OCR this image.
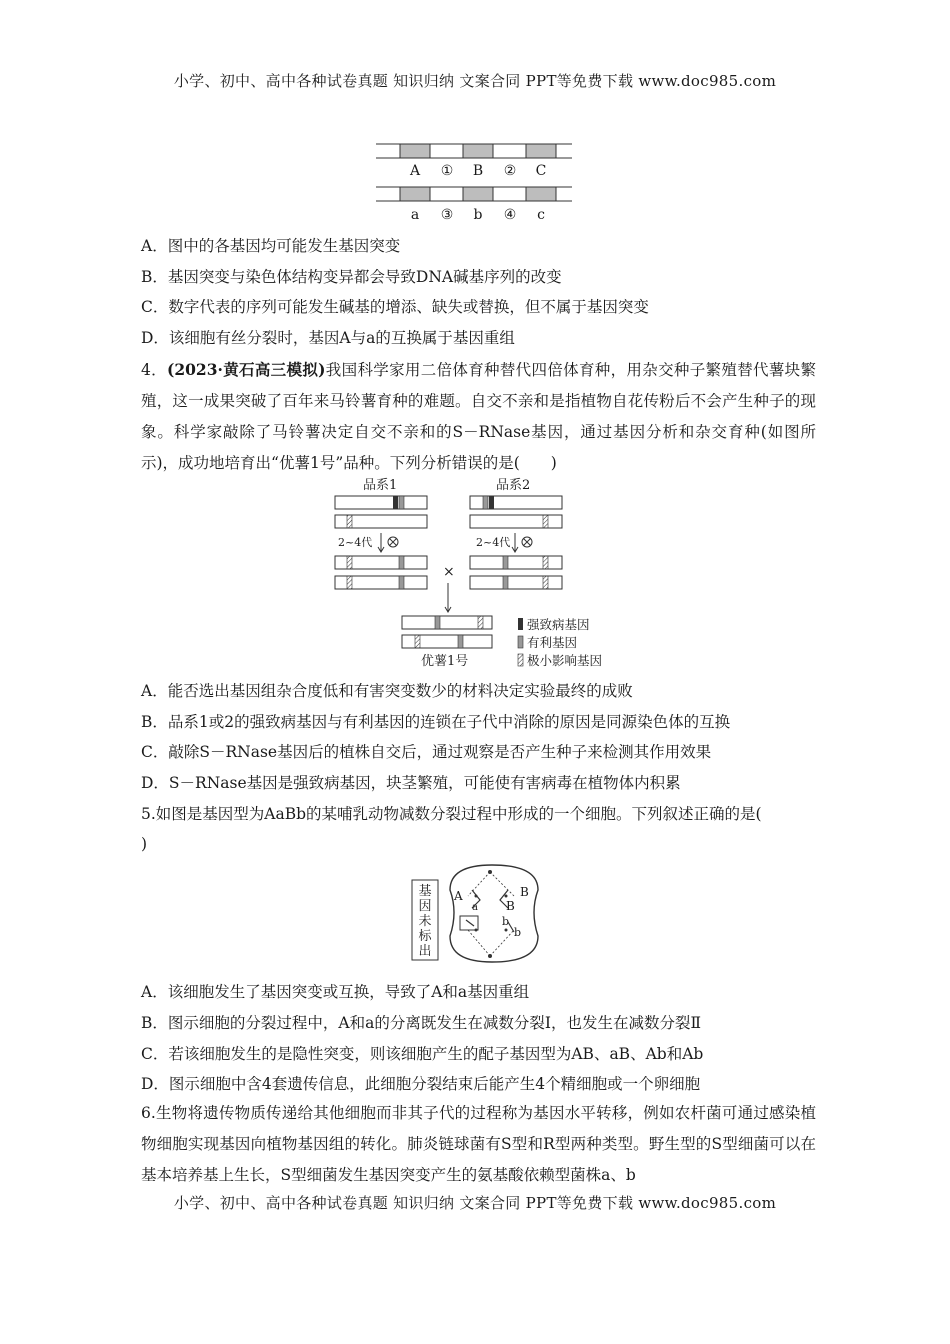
小学、初中、高中各种试卷真题 知识归纳 文案合同 PPT等免费下载 www.doc985.com
A ① B ② C
a ③ b ④ c
A．图中的各基因均可能发生基因突变
B．基因突变与染色体结构变异都会导致DNA碱基序列的改变
C．数字代表的序列可能发生碱基的增添、缺失或替换，但不属于基因突变
D．该细胞有丝分裂时，基因A与a的互换属于基因重组
4．(2023·黄石高三模拟)我国科学家用二倍体育种替代四倍体育种，用杂交种子繁殖替代薯块繁殖，这一成果突破了百年来马铃薯育种的难题。自交不亲和是指植物自花传粉后不会产生种子的现象。科学家敲除了马铃薯决定自交不亲和的S－RNase基因，通过基因分析和杂交育种(如图所示)，成功地培育出“优薯1号”品种。下列分析错误的是(　　)
品系1	品系2
2~4代	2~4代
×
优薯1号
强致病基因
有利基因
极小影响基因
A．能否选出基因组杂合度低和有害突变数少的材料决定实验最终的成败
B．品系1或2的强致病基因与有利基因的连锁在子代中消除的原因是同源染色体的互换
C．敲除S－RNase基因后的植株自交后，通过观察是否产生种子来检测其作用效果
D．S－RNase基因是强致病基因，块茎繁殖，可能使有害病毒在植物体内积累
5.如图是基因型为AaBb的某哺乳动物减数分裂过程中形成的一个细胞。下列叙述正确的是(
)
基
因
未
标
出
A
a
B
B
b
b
A．该细胞发生了基因突变或互换，导致了A和a基因重组
B．图示细胞的分裂过程中，A和a的分离既发生在减数分裂Ⅰ，也发生在减数分裂Ⅱ
C．若该细胞发生的是隐性突变，则该细胞产生的配子基因型为AB、aB、Ab和Ab
D．图示细胞中含4套遗传信息，此细胞分裂结束后能产生4个精细胞或一个卵细胞
6.生物将遗传物质传递给其他细胞而非其子代的过程称为基因水平转移，例如农杆菌可通过感染植物细胞实现基因向植物基因组的转化。肺炎链球菌有S型和R型两种类型。野生型的S型细菌可以在基本培养基上生长，S型细菌发生基因突变产生的氨基酸依赖型菌株a、b
小学、初中、高中各种试卷真题 知识归纳 文案合同 PPT等免费下载 www.doc985.com
